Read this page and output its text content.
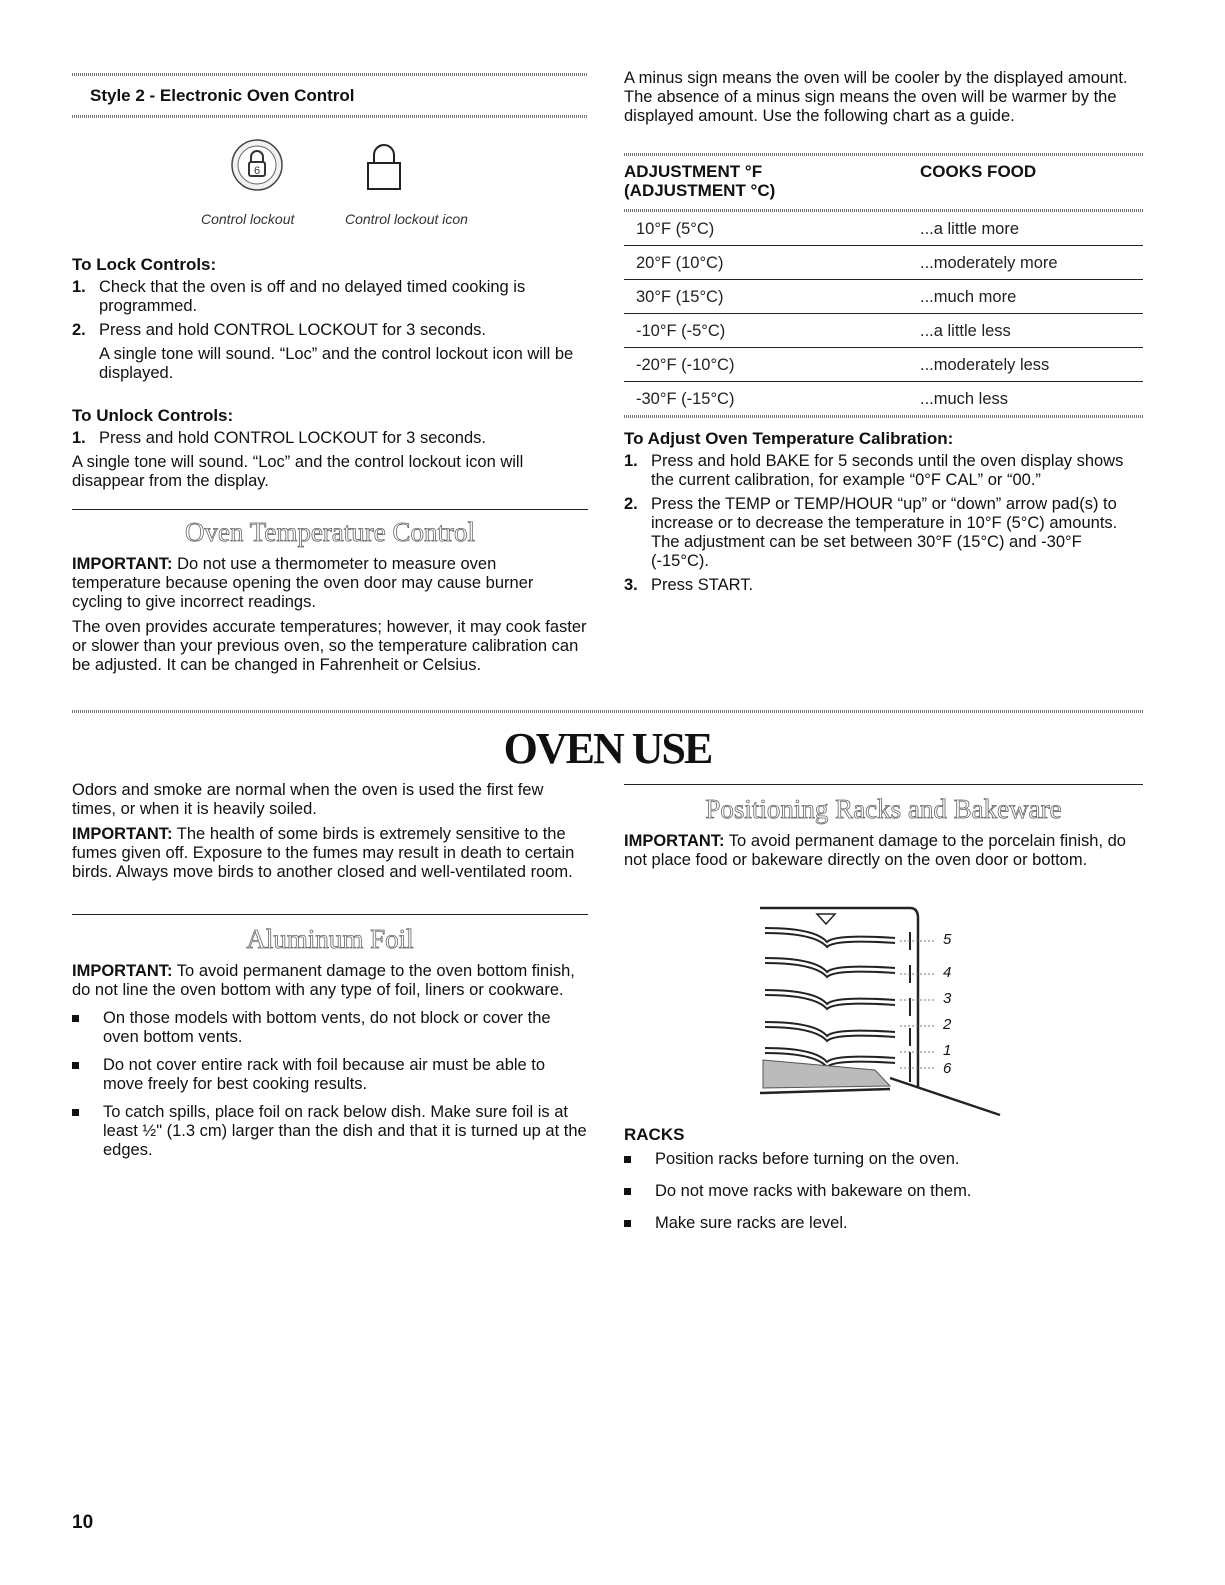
Style 2 - Electronic Oven Control
6
Control lockout	Control lockout icon

To Lock Controls:

1. Check that the oven is off and no delayed timed cooking is programmed.
2. Press and hold CONTROL LOCKOUT for 3 seconds.

A single tone will sound. “Loc” and the control lockout icon will be displayed.

To Unlock Controls:

1. Press and hold CONTROL LOCKOUT for 3 seconds.

A single tone will sound. “Loc” and the control lockout icon will disappear from the display.

Oven Temperature Control

IMPORTANT: Do not use a thermometer to measure oven temperature because opening the oven door may cause burner cycling to give incorrect readings.

The oven provides accurate temperatures; however, it may cook faster or slower than your previous oven, so the temperature calibration can be adjusted. It can be changed in Fahrenheit or Celsius.

A minus sign means the oven will be cooler by the displayed amount. The absence of a minus sign means the oven will be warmer by the displayed amount. Use the following chart as a guide.
ADJUSTMENT °F
(ADJUSTMENT °C)
	COOKS FOOD
10°F (5°C)	...a little more
20°F (10°C)	...moderately more
30°F (15°C)	...much more
-10°F (-5°C)	...a little less
-20°F (-10°C)	...moderately less
-30°F (-15°C)	...much less

To Adjust Oven Temperature Calibration:

1. Press and hold BAKE for 5 seconds until the oven display shows the current calibration, for example “0°F CAL” or “00.”
2. Press the TEMP or TEMP/HOUR “up” or “down” arrow pad(s) to increase or to decrease the temperature in 10°F (5°C) amounts. The adjustment can be set between 30°F (15°C) and -30°F (-15°C).
3. Press START.
OVEN USE

Odors and smoke are normal when the oven is used the first few times, or when it is heavily soiled.

IMPORTANT: The health of some birds is extremely sensitive to the fumes given off. Exposure to the fumes may result in death to certain birds. Always move birds to another closed and well-ventilated room.

Aluminum Foil

IMPORTANT: To avoid permanent damage to the oven bottom finish, do not line the oven bottom with any type of foil, liners or cookware.

On those models with bottom vents, do not block or cover the oven bottom vents.
Do not cover entire rack with foil because air must be able to move freely for best cooking results.
To catch spills, place foil on rack below dish. Make sure foil is at least ½" (1.3 cm) larger than the dish and that it is turned up at the edges.
Positioning Racks and Bakeware

IMPORTANT: To avoid permanent damage to the porcelain finish, do not place food or bakeware directly on the oven door or bottom.

5
4
3
2
1
6

RACKS

Position racks before turning on the oven.
Do not move racks with bakeware on them.
Make sure racks are level.
10
